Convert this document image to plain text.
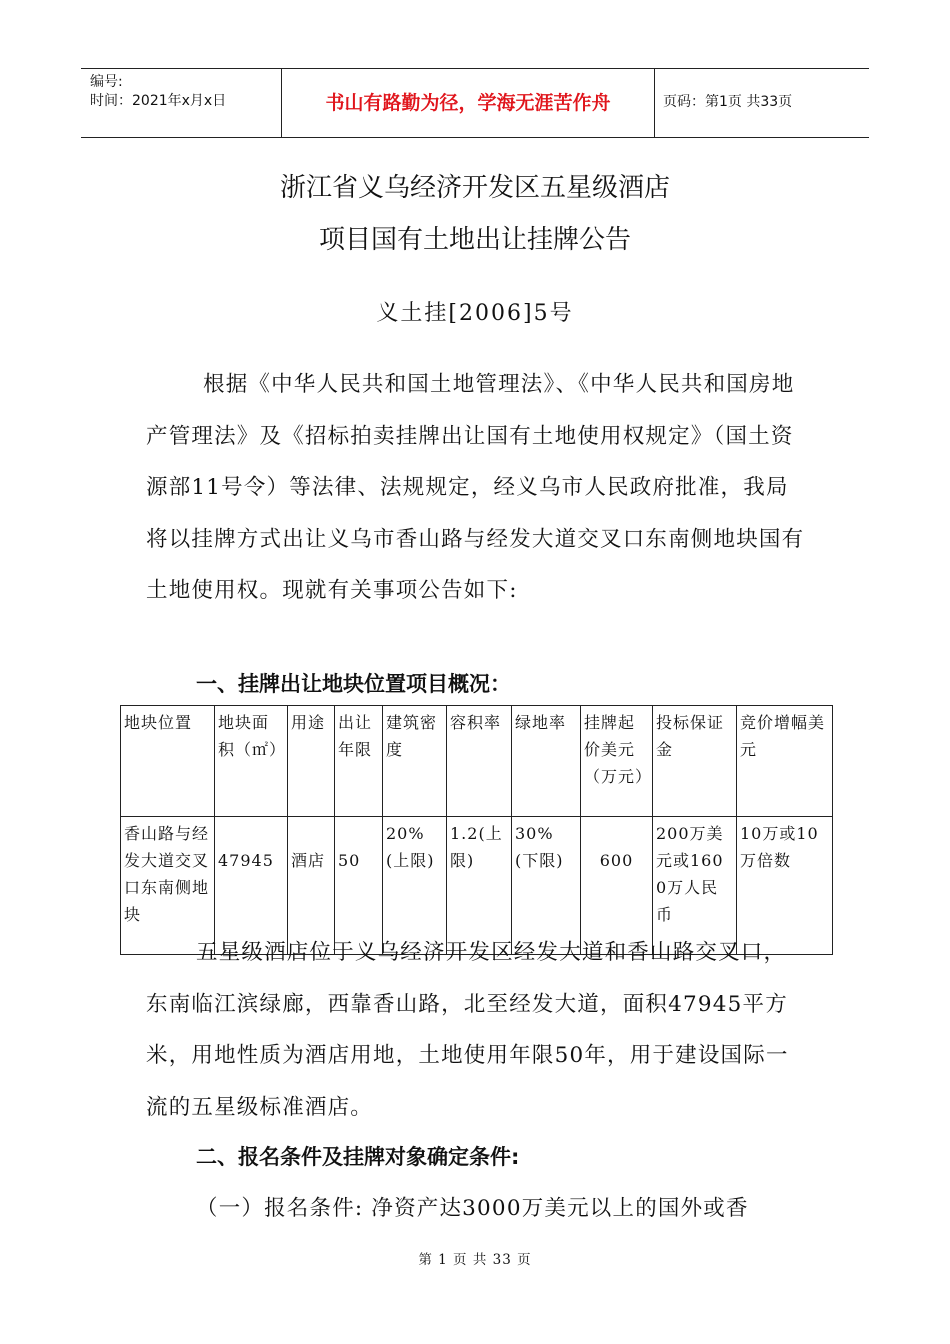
编号:
时间：2021年x月x日	书山有路勤为径，学海无涯苦作舟	页码：第1页 共33页
浙江省义乌经济开发区五星级酒店
项目国有土地出让挂牌公告
义土挂[2006]5号

根据《中华人民共和国土地管理法》、《中华人民共和国房地产管理法》及《招标拍卖挂牌出让国有土地使用权规定》（国土资源部11号令）等法律、法规规定，经义乌市人民政府批准，我局将以挂牌方式出让义乌市香山路与经发大道交叉口东南侧地块国有土地使用权。现就有关事项公告如下:

一、挂牌出让地块位置项目概况：
地块位置	地块面积（㎡）	用途	出让年限	建筑密度	容积率	绿地率	挂牌起价美元（万元）	投标保证金	竞价增幅美元
香山路与经发大道交叉口东南侧地块	47945	酒店	50	20%(上限)	1.2(上限)	30%(下限)	600	200万美元或1600万人民币	10万或10万倍数

五星级酒店位于义乌经济开发区经发大道和香山路交叉口，东南临江滨绿廊，西靠香山路，北至经发大道，面积47945平方米，用地性质为酒店用地，土地使用年限50年，用于建设国际一流的五星级标准酒店。

二、报名条件及挂牌对象确定条件:

（一）报名条件: 净资产达3000万美元以上的国外或香

第 1 页 共 33 页
